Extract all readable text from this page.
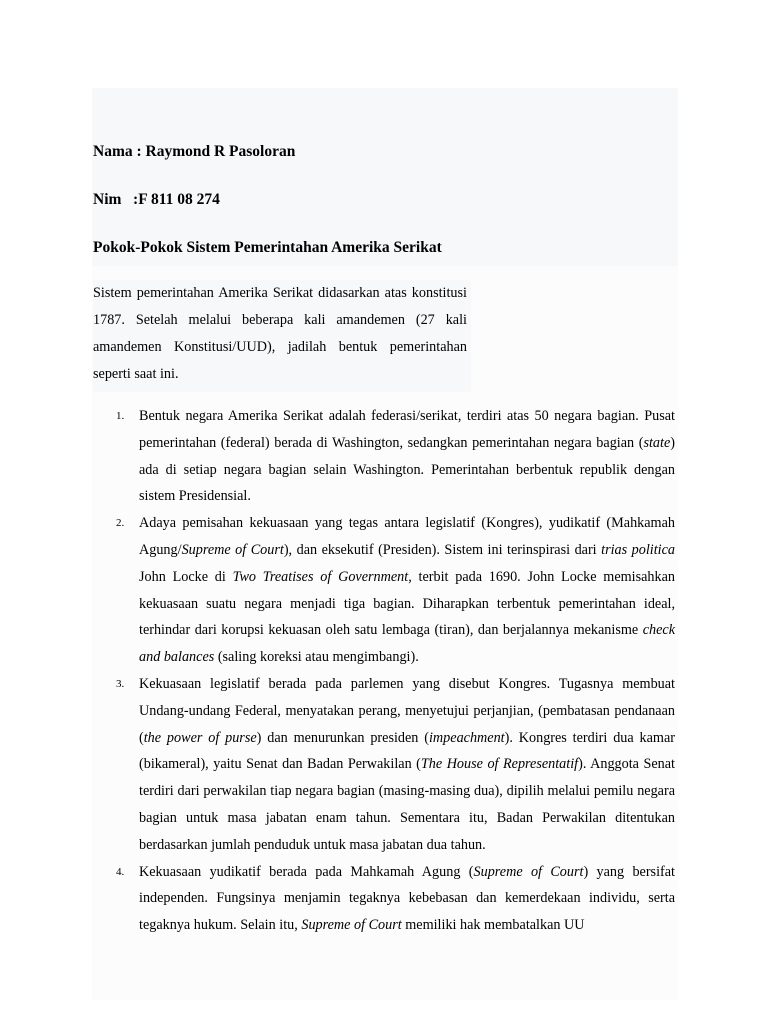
Nama : Raymond R Pasoloran
Nim   :F 811 08 274
Pokok-Pokok Sistem Pemerintahan Amerika Serikat
Sistem pemerintahan Amerika Serikat didasarkan atas konstitusi 1787. Setelah melalui beberapa kali amandemen (27 kali amandemen Konstitusi/UUD), jadilah bentuk pemerintahan seperti saat ini.
1. Bentuk negara Amerika Serikat adalah federasi/serikat, terdiri atas 50 negara bagian. Pusat pemerintahan (federal) berada di Washington, sedangkan pemerintahan negara bagian (state) ada di setiap negara bagian selain Washington. Pemerintahan berbentuk republik dengan sistem Presidensial.
2. Adaya pemisahan kekuasaan yang tegas antara legislatif (Kongres), yudikatif (Mahkamah Agung/Supreme of Court), dan eksekutif (Presiden). Sistem ini terinspirasi dari trias politica John Locke di Two Treatises of Government, terbit pada 1690. John Locke memisahkan kekuasaan suatu negara menjadi tiga bagian. Diharapkan terbentuk pemerintahan ideal, terhindar dari korupsi kekuasan oleh satu lembaga (tiran), dan berjalannya mekanisme check and balances (saling koreksi atau mengimbangi).
3. Kekuasaan legislatif berada pada parlemen yang disebut Kongres. Tugasnya membuat Undang-undang Federal, menyatakan perang, menyetujui perjanjian, (pembatasan pendanaan (the power of purse) dan menurunkan presiden (impeachment). Kongres terdiri dua kamar (bikameral), yaitu Senat dan Badan Perwakilan (The House of Representatif). Anggota Senat terdiri dari perwakilan tiap negara bagian (masing-masing dua), dipilih melalui pemilu negara bagian untuk masa jabatan enam tahun. Sementara itu, Badan Perwakilan ditentukan berdasarkan jumlah penduduk untuk masa jabatan dua tahun.
4. Kekuasaan yudikatif berada pada Mahkamah Agung (Supreme of Court) yang bersifat independen. Fungsinya menjamin tegaknya kebebasan dan kemerdekaan individu, serta tegaknya hukum. Selain itu, Supreme of Court memiliki hak membatalkan UU
